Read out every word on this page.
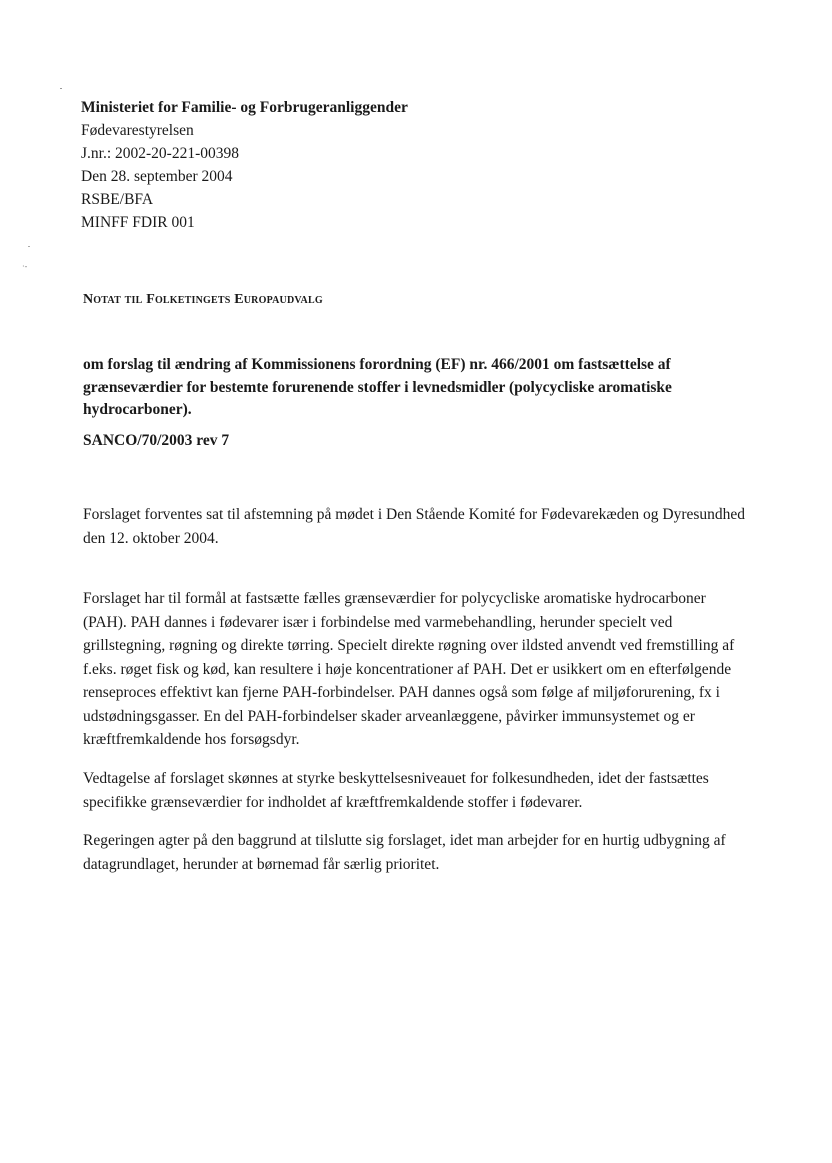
·-
Ministeriet for Familie- og Forbrugeranliggender
Fødevarestyrelsen
J.nr.: 2002-20-221-00398
Den 28. september 2004
RSBE/BFA
MINFF FDIR 001
Notat til Folketingets Europaudvalg
om forslag til ændring af Kommissionens forordning (EF) nr. 466/2001 om fastsættelse af grænseværdier for bestemte forurenende stoffer i levnedsmidler (polycycliske aromatiske hydrocarboner).
SANCO/70/2003 rev 7
Forslaget forventes sat til afstemning på mødet i Den Stående Komité for Fødevarekæden og Dyresundhed den 12. oktober 2004.
Forslaget har til formål at fastsætte fælles grænseværdier for polycycliske aromatiske hydrocarboner (PAH). PAH dannes i fødevarer især i forbindelse med varmebehandling, herunder specielt ved grillstegning, røgning og direkte tørring. Specielt direkte røgning over ildsted anvendt ved fremstilling af f.eks. røget fisk og kød, kan resultere i høje koncentrationer af PAH. Det er usikkert om en efterfølgende renseproces effektivt kan fjerne PAH-forbindelser. PAH dannes også som følge af miljøforurening, fx i udstødningsgasser. En del PAH-forbindelser skader arveanlæggene, påvirker immunsystemet og er kræftfremkaldende hos forsøgsdyr.
Vedtagelse af forslaget skønnes at styrke beskyttelsesniveauet for folkesundheden, idet der fastsættes specifikke grænseværdier for indholdet af kræftfremkaldende stoffer i fødevarer.
Regeringen agter på den baggrund at tilslutte sig forslaget, idet man arbejder for en hurtig udbygning af datagrundlaget, herunder at børnemad får særlig prioritet.
